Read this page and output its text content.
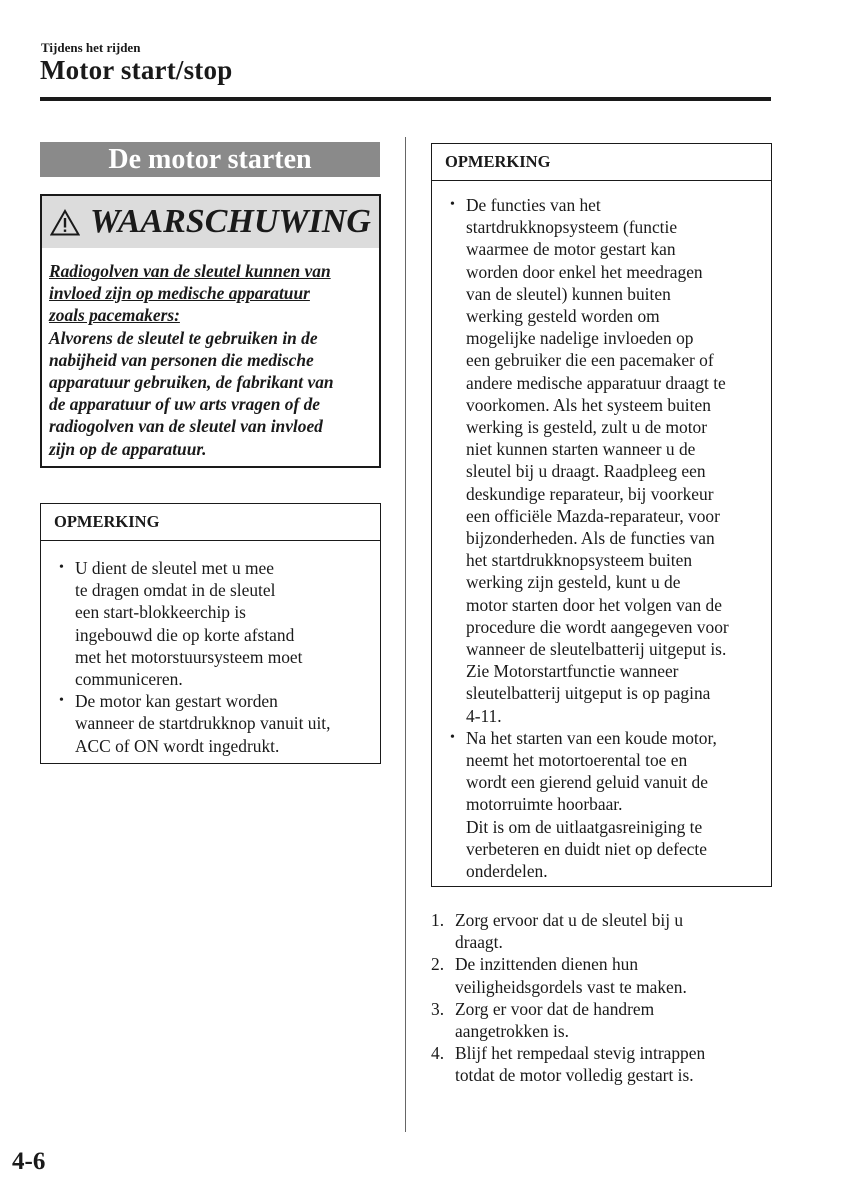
Tijdens het rijden
Motor start/stop
De motor starten
WAARSCHUWING
Radiogolven van de sleutel kunnen van
invloed zijn op medische apparatuur
zoals pacemakers:
Alvorens de sleutel te gebruiken in de
nabijheid van personen die medische
apparatuur gebruiken, de fabrikant van
de apparatuur of uw arts vragen of de
radiogolven van de sleutel van invloed
zijn op de apparatuur.
OPMERKING
• U dient de sleutel met u mee
te dragen omdat in de sleutel
een start-blokkeerchip is
ingebouwd die op korte afstand
met het motorstuursysteem moet
communiceren.
• De motor kan gestart worden
wanneer de startdrukknop vanuit uit,
ACC of ON wordt ingedrukt.
OPMERKING
• De functies van het
startdrukknopsysteem (functie
waarmee de motor gestart kan
worden door enkel het meedragen
van de sleutel) kunnen buiten
werking gesteld worden om
mogelijke nadelige invloeden op
een gebruiker die een pacemaker of
andere medische apparatuur draagt te
voorkomen. Als het systeem buiten
werking is gesteld, zult u de motor
niet kunnen starten wanneer u de
sleutel bij u draagt. Raadpleeg een
deskundige reparateur, bij voorkeur
een officiële Mazda-reparateur, voor
bijzonderheden. Als de functies van
het startdrukknopsysteem buiten
werking zijn gesteld, kunt u de
motor starten door het volgen van de
procedure die wordt aangegeven voor
wanneer de sleutelbatterij uitgeput is.
Zie Motorstartfunctie wanneer
sleutelbatterij uitgeput is op pagina
4-11.
• Na het starten van een koude motor,
neemt het motortoerental toe en
wordt een gierend geluid vanuit de
motorruimte hoorbaar.
Dit is om de uitlaatgasreiniging te
verbeteren en duidt niet op defecte
onderdelen.
1. Zorg ervoor dat u de sleutel bij u
draagt.
2. De inzittenden dienen hun
veiligheidsgordels vast te maken.
3. Zorg er voor dat de handrem
aangetrokken is.
4. Blijf het rempedaal stevig intrappen
totdat de motor volledig gestart is.
4-6
